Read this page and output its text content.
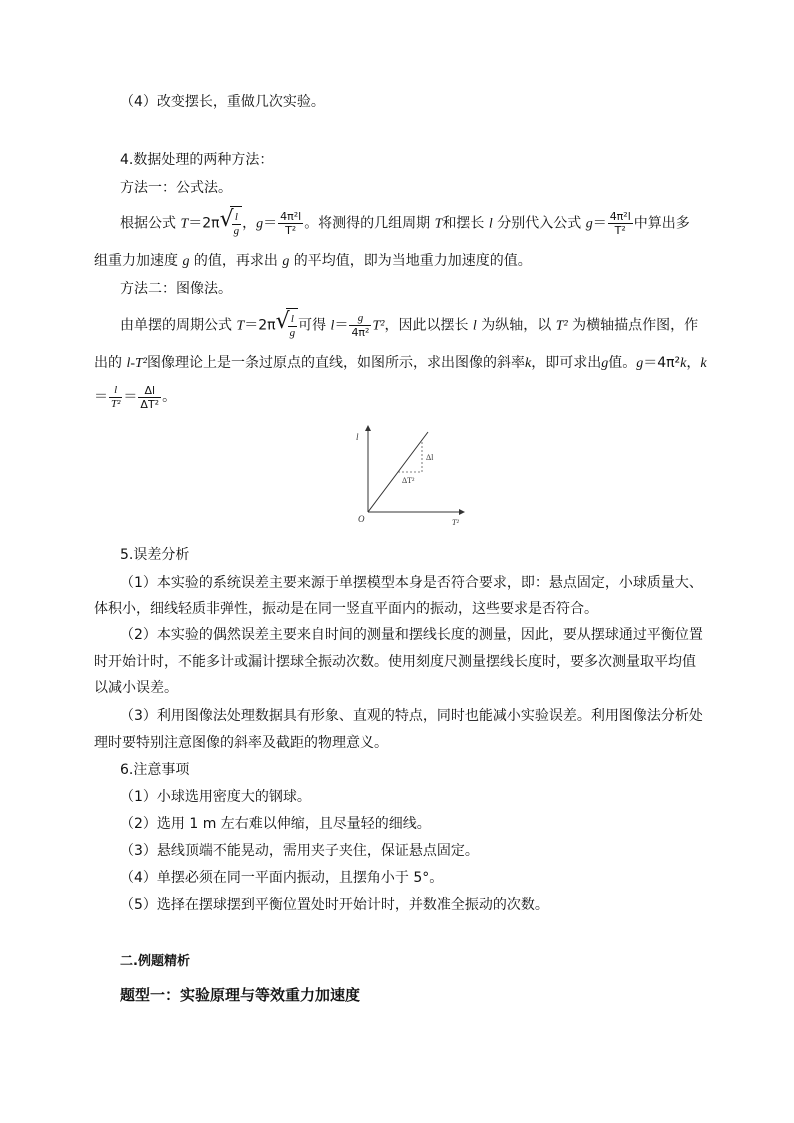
（4）改变摆长，重做几次实验。
4.数据处理的两种方法：
方法一：公式法。
根据公式 T＝2π √
$\frac{l}{g}$ ，$g= \frac{\text{4π²l}}{\text{T²}}$ 。将测得的几组周期 T和摆长 l 分别代入公式 $g= \frac{\text{4π²l}}{\text{T²}}$ 中算出多
组重力加速度 g 的值，再求出 g 的平均值，即为当地重力加速度的值。
方法二：图像法。
由单摆的周期公式 T＝2π √
$\frac{l}{g}$ 可得 $l= \frac{g}{\text{4π²}} T^2$，因此以摆长 l 为纵轴，以 T² 为横轴描点作图，作
出的 l-T²图像理论上是一条过原点的直线，如图所示，求出图像的斜率k，即可求出g值。g＝4π²k，k
＝ $\frac{l}{\text{T²}} = \frac{\Delta l}{\text{ΔT²}}$ 。
l
T²
O
Δl
ΔT²
5.误差分析
（1）本实验的系统误差主要来源于单摆模型本身是否符合要求，即：悬点固定，小球质量大、
体积小，细线轻质非弹性，振动是在同一竖直平面内的振动，这些要求是否符合。
（2）本实验的偶然误差主要来自时间的测量和摆线长度的测量，因此，要从摆球通过平衡位置
时开始计时，不能多计或漏计摆球全振动次数。使用刻度尺测量摆线长度时，要多次测量取平均值
以减小误差。
（3）利用图像法处理数据具有形象、直观的特点，同时也能减小实验误差。利用图像法分析处
理时要特别注意图像的斜率及截距的物理意义。
6.注意事项
（1）小球选用密度大的钢球。
（2）选用 1 m 左右难以伸缩，且尽量轻的细线。
（3）悬线顶端不能晃动，需用夹子夹住，保证悬点固定。
（4）单摆必须在同一平面内振动，且摆角小于 5°。
（5）选择在摆球摆到平衡位置处时开始计时，并数准全振动的次数。
二.例题精析
题型一：实验原理与等效重力加速度
